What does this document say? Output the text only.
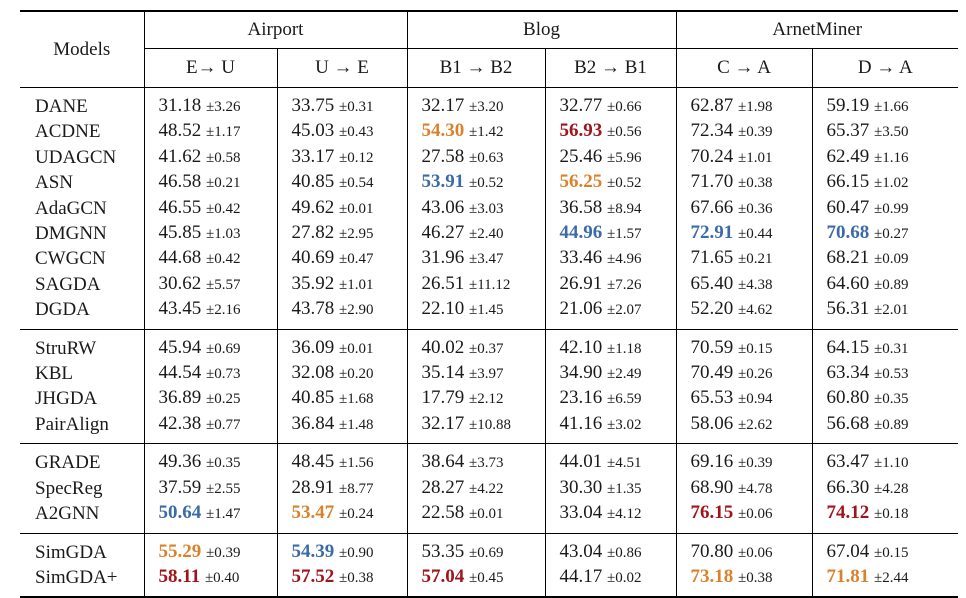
Models	Airport		Blog		ArnetMiner	
	E→ U	U → E	B1 → B2	B2 → B1	C → A	D → A
DANE	31.18 ±3.26	33.75 ±0.31	32.17 ±3.20	32.77 ±0.66	62.87 ±1.98	59.19 ±1.66
ACDNE	48.52 ±1.17	45.03 ±0.43	54.30 ±1.42	56.93 ±0.56	72.34 ±0.39	65.37 ±3.50
UDAGCN	41.62 ±0.58	33.17 ±0.12	27.58 ±0.63	25.46 ±5.96	70.24 ±1.01	62.49 ±1.16
ASN	46.58 ±0.21	40.85 ±0.54	53.91 ±0.52	56.25 ±0.52	71.70 ±0.38	66.15 ±1.02
AdaGCN	46.55 ±0.42	49.62 ±0.01	43.06 ±3.03	36.58 ±8.94	67.66 ±0.36	60.47 ±0.99
DMGNN	45.85 ±1.03	27.82 ±2.95	46.27 ±2.40	44.96 ±1.57	72.91 ±0.44	70.68 ±0.27
CWGCN	44.68 ±0.42	40.69 ±0.47	31.96 ±3.47	33.46 ±4.96	71.65 ±0.21	68.21 ±0.09
SAGDA	30.62 ±5.57	35.92 ±1.01	26.51 ±11.12	26.91 ±7.26	65.40 ±4.38	64.60 ±0.89
DGDA	43.45 ±2.16	43.78 ±2.90	22.10 ±1.45	21.06 ±2.07	52.20 ±4.62	56.31 ±2.01
StruRW	45.94 ±0.69	36.09 ±0.01	40.02 ±0.37	42.10 ±1.18	70.59 ±0.15	64.15 ±0.31
KBL	44.54 ±0.73	32.08 ±0.20	35.14 ±3.97	34.90 ±2.49	70.49 ±0.26	63.34 ±0.53
JHGDA	36.89 ±0.25	40.85 ±1.68	17.79 ±2.12	23.16 ±6.59	65.53 ±0.94	60.80 ±0.35
PairAlign	42.38 ±0.77	36.84 ±1.48	32.17 ±10.88	41.16 ±3.02	58.06 ±2.62	56.68 ±0.89
GRADE	49.36 ±0.35	48.45 ±1.56	38.64 ±3.73	44.01 ±4.51	69.16 ±0.39	63.47 ±1.10
SpecReg	37.59 ±2.55	28.91 ±8.77	28.27 ±4.22	30.30 ±1.35	68.90 ±4.78	66.30 ±4.28
A2GNN	50.64 ±1.47	53.47 ±0.24	22.58 ±0.01	33.04 ±4.12	76.15 ±0.06	74.12 ±0.18
SimGDA	55.29 ±0.39	54.39 ±0.90	53.35 ±0.69	43.04 ±0.86	70.80 ±0.06	67.04 ±0.15
SimGDA+	58.11 ±0.40	57.52 ±0.38	57.04 ±0.45	44.17 ±0.02	73.18 ±0.38	71.81 ±2.44
